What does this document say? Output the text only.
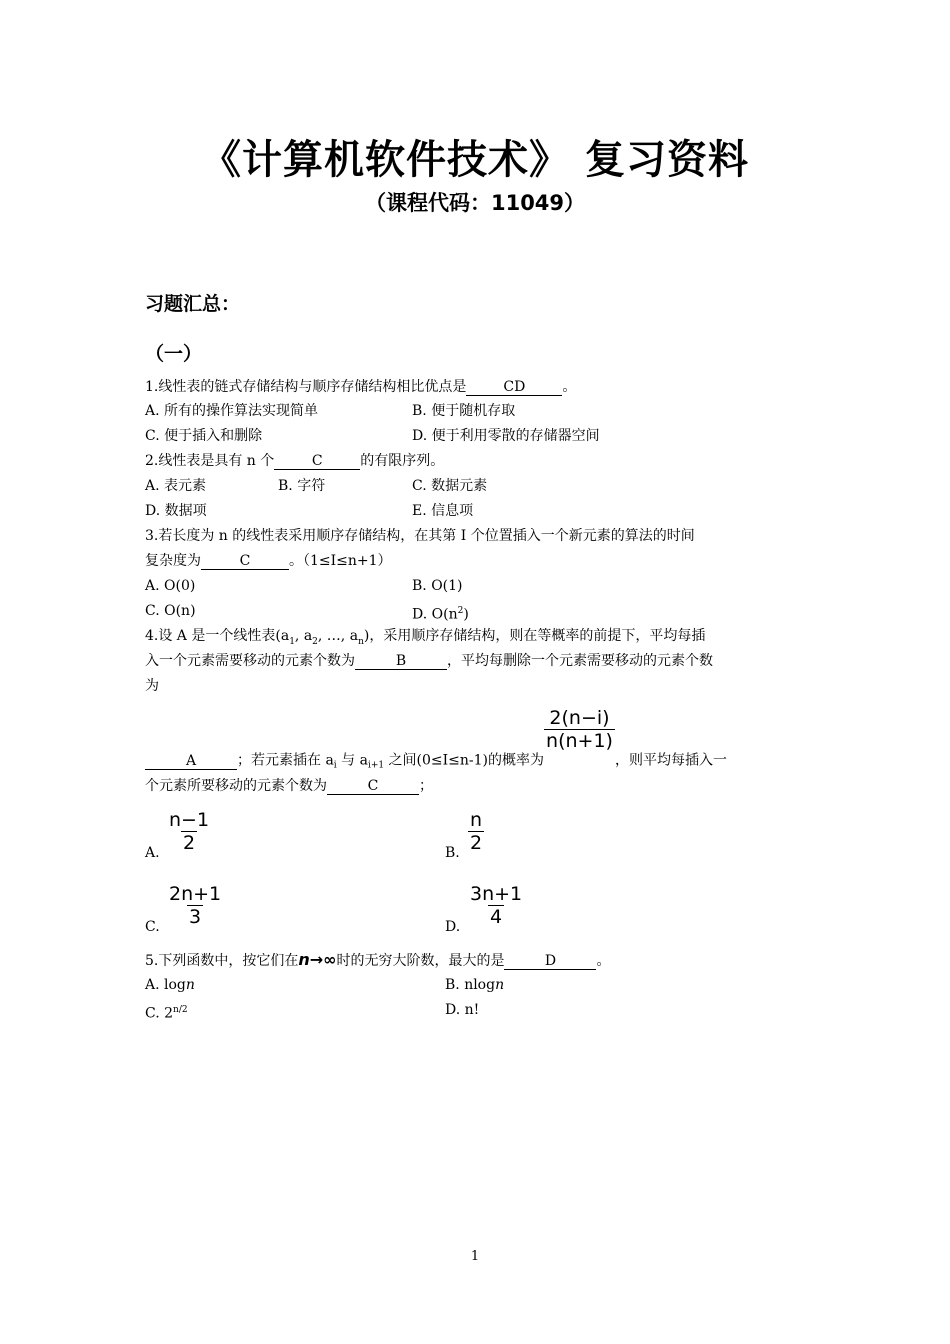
《计算机软件技术》 复习资料
（课程代码：11049）
习题汇总：
（一）
1.线性表的链式存储结构与顺序存储结构相比优点是	CD	。
A. 所有的操作算法实现简单	B. 便于随机存取
C. 便于插入和删除	D. 便于利用零散的存储器空间
2.线性表是具有 n 个	C	的有限序列。
A. 表元素	B. 字符	C. 数据元素
D. 数据项	E. 信息项
3.若长度为 n 的线性表采用顺序存储结构，在其第 I 个位置插入一个新元素的算法的时间
复杂度为	C	。（1≤I≤n+1）
A. O(0)	B. O(1)
C. O(n)	D. $O(n^2)$
4.设 A 是一个线性表($a_1$, $a_2$, …, $a_n$)，采用顺序存储结构，则在等概率的前提下，平均每插
入一个元素需要移动的元素个数为	B	，平均每删除一个元素需要移动的元素个数
为
A	；若元素插在 $a_i$ 与 $a_{i+1}$ 之间(0≤I≤n-1)的概率为
$\frac{2(n-i)}{n(n+1)}$
，则平均每插入一
个元素所要移动的元素个数为	C	；
A. $\frac{n-1}{2}$	B. $\frac{n}{2}$
C. $\frac{2n+1}{3}$	D. $\frac{3n+1}{4}$
5.下列函数中，按它们在n→∞时的无穷大阶数，最大的是	D	。
A. logn	B. nlogn
C. $2^{n/2}$	D. n!
1
